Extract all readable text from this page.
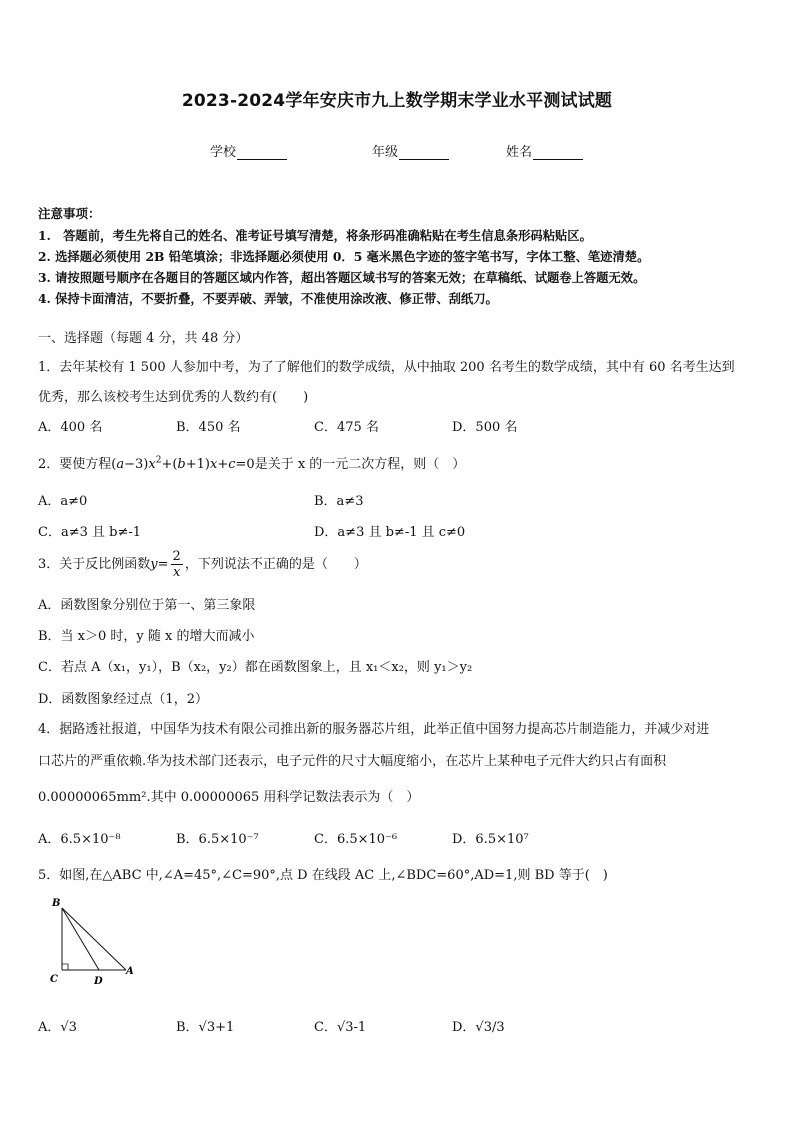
2023-2024学年安庆市九上数学期末学业水平测试试题
学校	年级	姓名
注意事项：
1.　答题前，考生先将自己的姓名、准考证号填写清楚，将条形码准确粘贴在考生信息条形码粘贴区。
2. 选择题必须使用 2B 铅笔填涂；非选择题必须使用 0．5 毫米黑色字迹的签字笔书写，字体工整、笔迹清楚。
3. 请按照题号顺序在各题目的答题区域内作答，超出答题区域书写的答案无效；在草稿纸、试题卷上答题无效。
4. 保持卡面清洁，不要折叠，不要弄破、弄皱，不准使用涂改液、修正带、刮纸刀。
一、选择题（每题 4 分，共 48 分）
1．去年某校有 1 500 人参加中考，为了了解他们的数学成绩，从中抽取 200 名考生的数学成绩，其中有 60 名考生达到
优秀，那么该校考生达到优秀的人数约有(　　)
A．400 名	B．450 名	C．475 名	D．500 名
2．要使方程$(a-3)x^2+(b+1)x+c=0$是关于 x 的一元二次方程，则（　）
A．a≠0	B．a≠3
C．a≠3 且 b≠-1	D．a≠3 且 b≠-1 且 c≠0
3．关于反比例函数$y= \frac{2}{x}$ ，下列说法不正确的是（　　）
A．函数图象分别位于第一、第三象限
B．当 x＞0 时，y 随 x 的增大而减小
C．若点 A（x₁，y₁），B（x₂，y₂）都在函数图象上，且 x₁＜x₂，则 y₁＞y₂
D．函数图象经过点（1，2）
4．据路透社报道，中国华为技术有限公司推出新的服务器芯片组，此举正值中国努力提高芯片制造能力，并减少对进
口芯片的严重依赖.华为技术部门还表示，电子元件的尺寸大幅度缩小，在芯片上某种电子元件大约只占有面积
0.00000065mm².其中 0.00000065 用科学记数法表示为（　）
A．6.5×10⁻⁸	B．6.5×10⁻⁷	C．6.5×10⁻⁶	D．6.5×10⁷
5．如图,在△ABC 中,∠A=45°,∠C=90°,点 D 在线段 AC 上,∠BDC=60°,AD=1,则 BD 等于(　)
B
C	D
A
A．√3	B．√3+1	C．√3-1	D．√3/3
